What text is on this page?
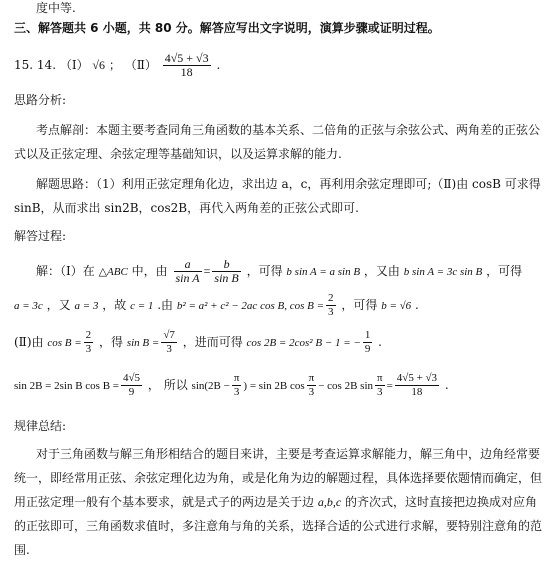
度中等.
三、解答题共 6 小题，共 80 分。解答应写出文字说明，演算步骤或证明过程。
15. 14. （Ⅰ） √6 ； （Ⅱ） $\frac{4√5 + √3}{18}$ .
思路分析:
考点解剖：本题主要考查同角三角函数的基本关系、二倍角的正弦与余弦公式、两角差的正弦公
式以及正弦定理、余弦定理等基础知识，以及运算求解的能力.
解题思路：（1）利用正弦定理角化边，求出边 a，c，再利用余弦定理即可;（Ⅱ)由 cosB 可求得
sinB，从而求出 sin2B，cos2B，再代入两角差的正弦公式即可.
解答过程:
解：（I）在 △ABC 中，由 $\frac{a}{\text{sin A}} = \frac{b}{\text{sin B}}$ ，可得 b sin A = a sin B ，又由 b sin A = 3c sin B ，可得
a = 3c ，又 a = 3 ，故 c = 1 .由 b² = a² + c² − 2ac cos B, $\cos B = \frac{2}{3}$ ，可得 b = √6 .
(Ⅱ)由 $\cos B = \frac{2}{3}$ ，得 $\sin B = \frac{√7}{3}$ ，进而可得 cos 2B = 2cos² B − 1 = − $\frac{1}{9}$ .
sin 2B = 2sin B $\cos B = \frac{4√5}{9}$ ， 所以 $\sin(2B - \frac{\pi}{3}$ ) = sin 2B $\cos \frac{\pi}{3} - \cos 2B$ $\sin \frac{\pi}{3} = \frac{4√5 + √3}{18}$ .
规律总结:
对于三角函数与解三角形相结合的题目来讲，主要是考查运算求解能力，解三角中，边角经常要
统一，即经常用正弦、余弦定理化边为角，或是化角为边的解题过程，具体选择要依题情而确定，但
用正弦定理一般有个基本要求，就是式子的两边是关于边 a,b,c 的齐次式，这时直接把边换成对应角
的正弦即可，三角函数求值时，多注意角与角的关系，选择合适的公式进行求解，要特别注意角的范
围.
